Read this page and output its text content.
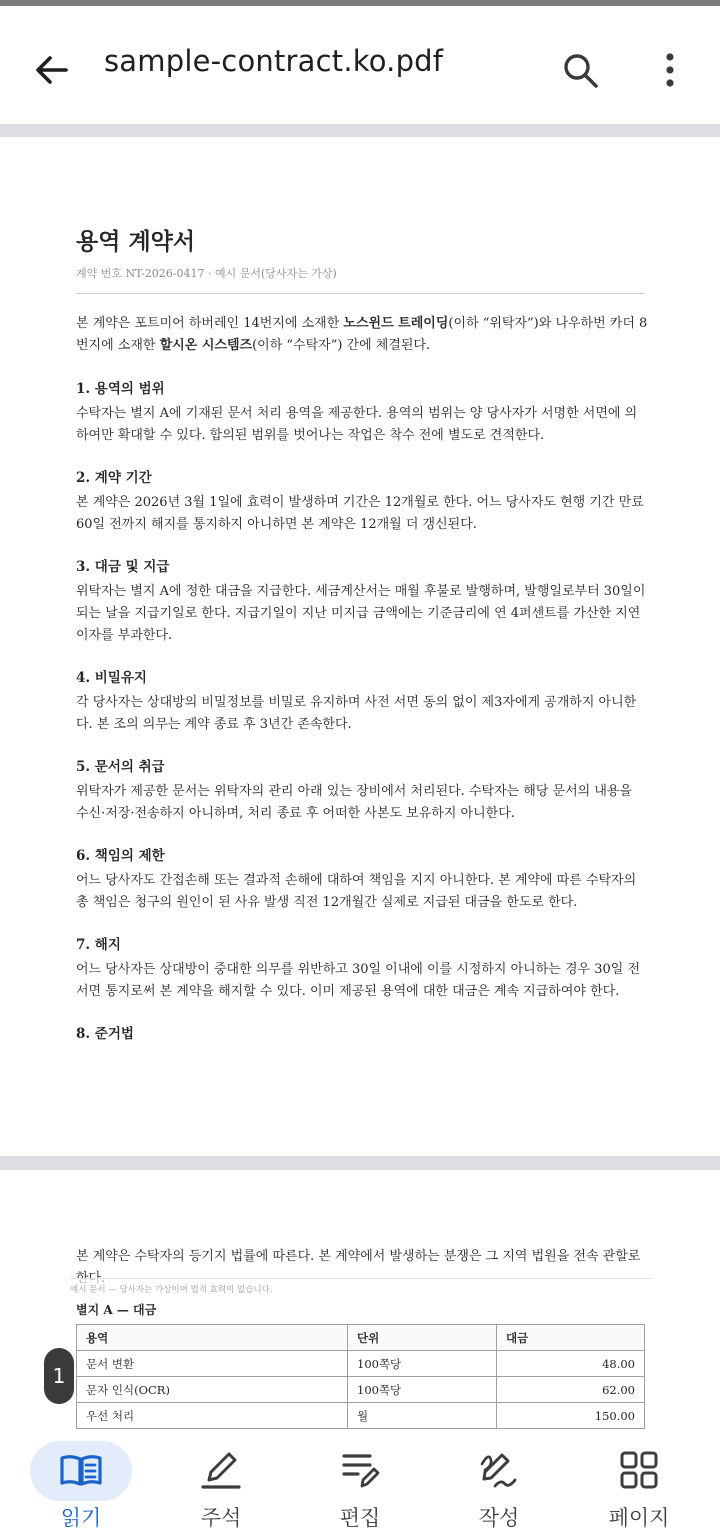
sample-contract.ko.pdf
용역 계약서
계약 번호 NT-2026-0417 · 예시 문서(당사자는 가상)
본 계약은 포트미어 하버레인 14번지에 소재한 노스윈드 트레이딩(이하 “위탁자”)와 나우하번 카더 8
번지에 소재한 할시온 시스템즈(이하 “수탁자”) 간에 체결된다.
1. 용역의 범위
수탁자는 별지 A에 기재된 문서 처리 용역을 제공한다. 용역의 범위는 양 당사자가 서명한 서면에 의
하여만 확대할 수 있다. 합의된 범위를 벗어나는 작업은 착수 전에 별도로 견적한다.
2. 계약 기간
본 계약은 2026년 3월 1일에 효력이 발생하며 기간은 12개월로 한다. 어느 당사자도 현행 기간 만료
60일 전까지 해지를 통지하지 아니하면 본 계약은 12개월 더 갱신된다.
3. 대금 및 지급
위탁자는 별지 A에 정한 대금을 지급한다. 세금계산서는 매월 후불로 발행하며, 발행일로부터 30일이
되는 날을 지급기일로 한다. 지급기일이 지난 미지급 금액에는 기준금리에 연 4퍼센트를 가산한 지연
이자를 부과한다.
4. 비밀유지
각 당사자는 상대방의 비밀정보를 비밀로 유지하며 사전 서면 동의 없이 제3자에게 공개하지 아니한
다. 본 조의 의무는 계약 종료 후 3년간 존속한다.
5. 문서의 취급
위탁자가 제공한 문서는 위탁자의 관리 아래 있는 장비에서 처리된다. 수탁자는 해당 문서의 내용을
수신·저장·전송하지 아니하며, 처리 종료 후 어떠한 사본도 보유하지 아니한다.
6. 책임의 제한
어느 당사자도 간접손해 또는 결과적 손해에 대하여 책임을 지지 아니한다. 본 계약에 따른 수탁자의
총 책임은 청구의 원인이 된 사유 발생 직전 12개월간 실제로 지급된 대금을 한도로 한다.
7. 해지
어느 당사자든 상대방이 중대한 의무를 위반하고 30일 이내에 이를 시정하지 아니하는 경우 30일 전
서면 통지로써 본 계약을 해지할 수 있다. 이미 제공된 용역에 대한 대금은 계속 지급하여야 한다.
8. 준거법
본 계약은 수탁자의 등기지 법률에 따른다. 본 계약에서 발생하는 분쟁은 그 지역 법원을 전속 관할로
예시 문서 — 당사자는 가상이며 법적 효력이 없습니다.
별지 A — 대금
용역	단위	대금
문서 변환	100쪽당	48.00
문자 인식(OCR)	100쪽당	62.00
우선 처리	월	150.00
1
읽기	주석	편집	작성	페이지
